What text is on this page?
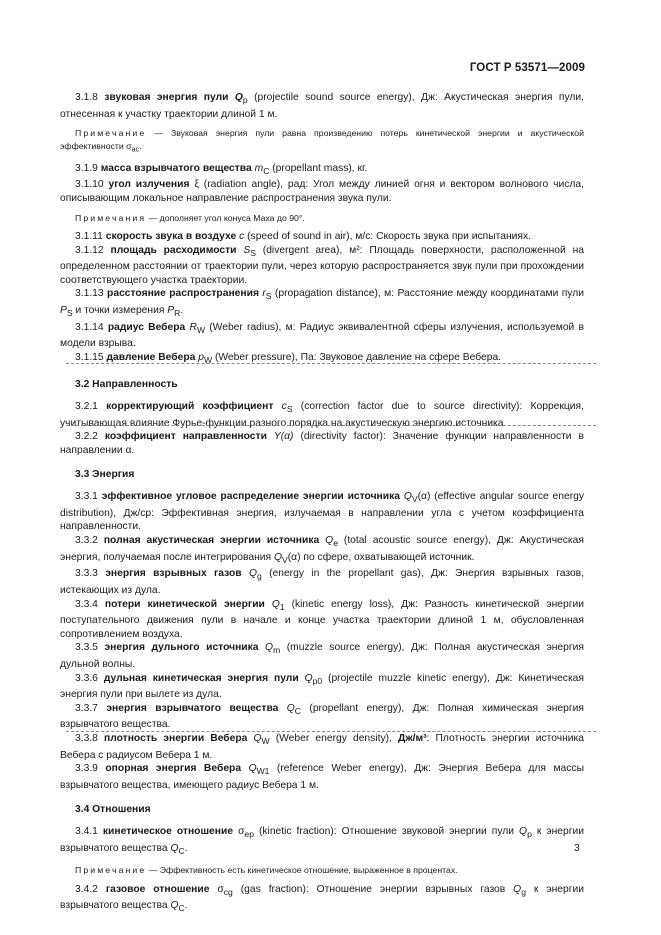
ГОСТ Р 53571—2009

3.1.8 звуковая энергия пули $Q_p$ (projectile sound source energy), Дж: Акустическая энергия пули, отнесенная к участку траектории длиной 1 м.

Примечание — Звуковая энергия пули равна произведению потерь кинетической энергии и акустической эффективности $\sigma_{ac}$.

3.1.9 масса взрывчатого вещества $m_C$ (propellant mass), кг.

3.1.10 угол излучения ξ (radiation angle), рад: Угол между линией огня и вектором волнового числа, описывающим локальное направление распространения звука пули.

Примечания — дополняет угол конуса Маха до 90°.

3.1.11 скорость звука в воздухе c (speed of sound in air), м/с: Скорость звука при испытаниях.

3.1.12 площадь расходимости $S_S$ (divergent area), м²: Площадь поверхности, расположенной на определенном расстоянии от траектории пули, через которую распространяется звук пули при прохождении соответствующего участка траектории.

3.1.13 расстояние распространения $r_S$ (propagation distance), м: Расстояние между координатами пули $P_S$ и точки измерения $P_R$.

3.1.14 радиус Вебера $R_W$ (Weber radius), м: Радиус эквивалентной сферы излучения, используемой в модели взрыва.

3.1.15 давление Вебера $p_W$ (Weber pressure), Па: Звуковое давление на сфере Вебера.

3.2 Направленность

3.2.1 корректирующий коэффициент $c_S$ (correction factor due to source directivity): Коррекция, учитывающая влияние Фурье-функции разного порядка на акустическую энергию источника.

3.2.2 коэффициент направленности Y(α) (directivity factor): Значение функции направленности в направлении α.

3.3 Энергия

3.3.1 эффективное угловое распределение энергии источника $Q_V(\alpha)$ (effective angular source energy distribution), Дж/ср: Эффективная энергия, излучаемая в направлении угла с учетом коэффициента направленности.

3.3.2 полная акустическая энергии источника $Q_e$ (total acoustic source energy), Дж: Акустическая энергия, получаемая после интегрирования $Q_V(\alpha)$ по сфере, охватывающей источник.

3.3.3 энергия взрывных газов $Q_g$ (energy in the propellant gas), Дж: Энергия взрывных газов, истекающих из дула.

3.3.4 потери кинетической энергии $Q_1$ (kinetic energy loss), Дж: Разность кинетической энергии поступательного движения пули в начале и конце участка траектории длиной 1 м, обусловленная сопротивлением воздуха.

3.3.5 энергия дульного источника $Q_m$ (muzzle source energy), Дж: Полная акустическая энергия дульной волны.

3.3.6 дульная кинетическая энергия пули $Q_{p0}$ (projectile muzzle kinetic energy), Дж: Кинетическая энергия пули при вылете из дула.

3.3.7 энергия взрывчатого вещества $Q_C$ (propellant energy), Дж: Полная химическая энергия взрывчатого вещества.

3.3.8 плотность энергии Вебера $Q_W$ (Weber energy density), Дж/м³: Плотность энергии источника Вебера с радиусом Вебера 1 м.

3.3.9 опорная энергия Вебера $Q_{W1}$ (reference Weber energy), Дж: Энергия Вебера для массы взрывчатого вещества, имеющего радиус Вебера 1 м.

3.4 Отношения

3.4.1 кинетическое отношение $\sigma_{ep}$ (kinetic fraction): Отношение звуковой энергии пули $Q_p$ к энергии взрывчатого вещества $Q_C$.

Примечание — Эффективность есть кинетическое отношение, выраженное в процентах.

3.4.2 газовое отношение $\sigma_{cg}$ (gas fraction): Отношение энергии взрывных газов $Q_g$ к энергии взрывчатого вещества $Q_C$.

3
